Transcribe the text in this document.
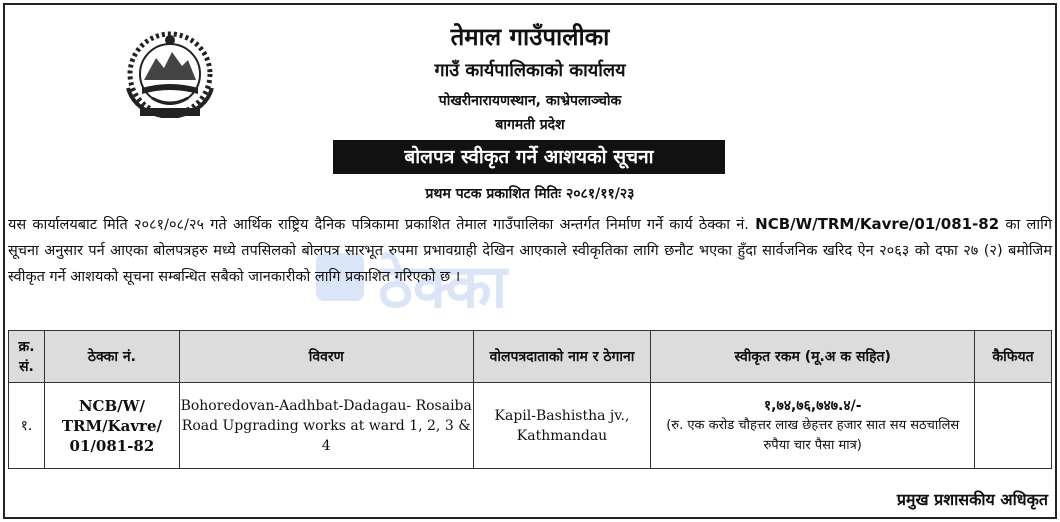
तेमाल गाउँपालीका
गाउँ कार्यपालिकाको कार्यालय
पोखरीनारायणस्थान, काभ्रेपलाञ्चोक
बागमती प्रदेश
बोलपत्र स्वीकृत गर्ने आशयको सूचना
प्रथम पटक प्रकाशित मितिः २०८१/११/२३
ठेक्का
यस कार्यालयबाट मिति २०८१/०८/२५ गते आर्थिक राष्ट्रिय दैनिक पत्रिकामा प्रकाशित तेमाल गाउँपालिका अन्तर्गत निर्माण गर्ने कार्य ठेक्का नं. NCB/W/TRM/Kavre/01/081-82 का लागि सूचना अनुसार पर्न आएका बोलपत्रहरु मध्ये तपसिलको बोलपत्र सारभूत रुपमा प्रभावग्राही देखिन आएकाले स्वीकृतिका लागि छनौट भएका हुँदा सार्वजनिक खरिद ऐन २०६३ को दफा २७ (२) बमोजिम स्वीकृत गर्ने आशयको सूचना सम्बन्धित सबैको जानकारीको लागि प्रकाशित गरिएको छ ।
क्र. सं.	ठेक्का नं.	विवरण	वोलपत्रदाताको नाम र ठेगाना	स्वीकृत रकम (मू.अ क सहित)	कैफियत
१.	NCB/W/ TRM/Kavre/ 01/081-82	Bohoredovan-Aadhbat-Dadagau- Rosaiba Road Upgrading works at ward 1, 2, 3 & 4	Kapil-Bashistha jv., Kathmandau	१,७४,७६,७४७.४/-
(रु. एक करोड चौहत्तर लाख छेहत्तर हजार सात सय सठचालिस रुपैया चार पैसा मात्र)	

प्रमुख प्रशासकीय अधिकृत
